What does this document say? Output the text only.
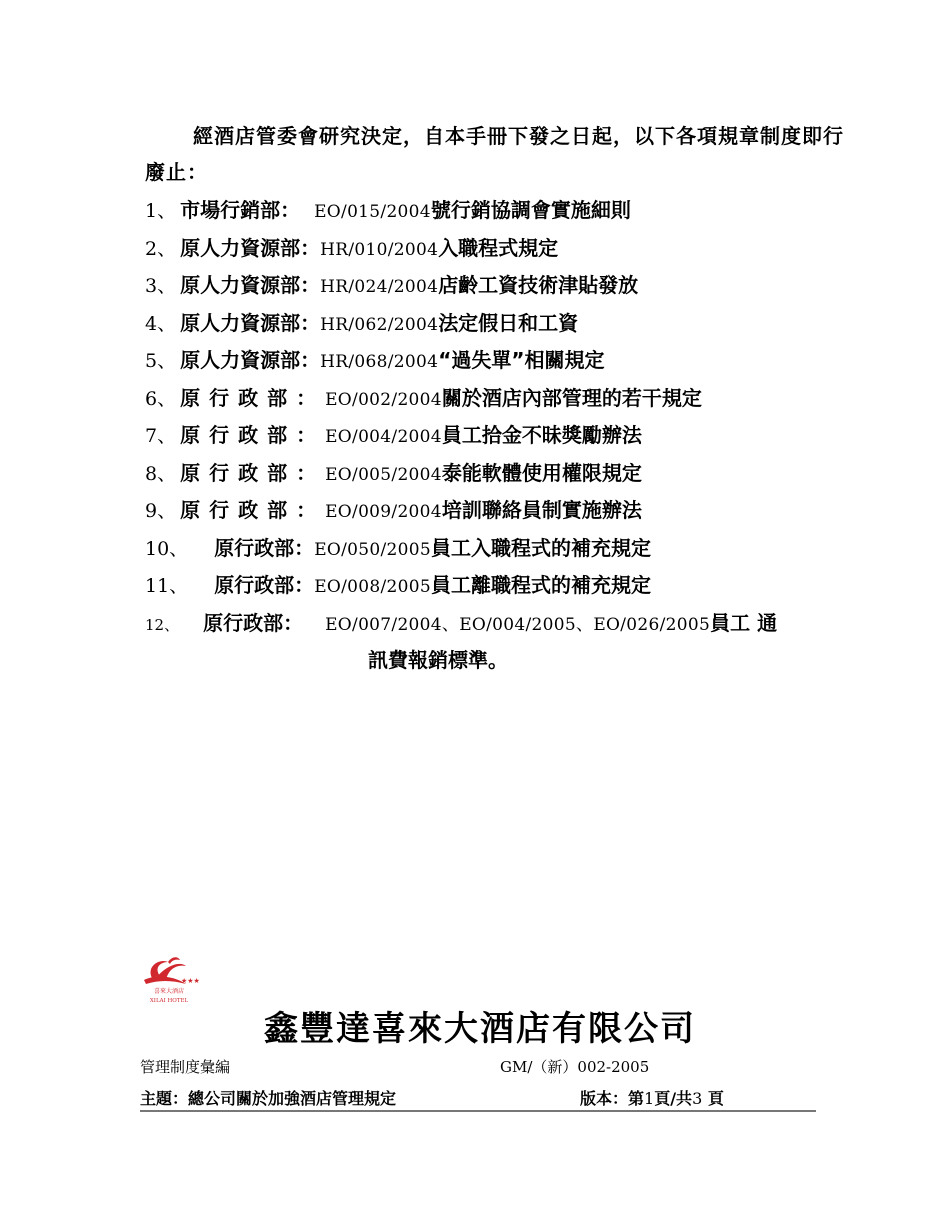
經酒店管委會研究決定，自本手冊下發之日起，以下各項規章制度即行廢止：
1、 市場行銷部： EO/015/2004 號行銷協調會實施細則
2、 原人力資源部： HR/010/2004 入職程式規定
3、 原人力資源部： HR/024/2004 店齡工資技術津貼發放
4、 原人力資源部： HR/062/2004 法定假日和工資
5、 原人力資源部： HR/068/2004 “過失單”相關規定
6、 原行政部： EO/002/2004 關於酒店內部管理的若干規定
7、 原行政部： EO/004/2004 員工拾金不昧獎勵辦法
8、 原行政部： EO/005/2004 泰能軟體使用權限規定
9、 原行政部： EO/009/2004 培訓聯絡員制實施辦法
10、 原行政部： EO/050/2005 員工入職程式的補充規定
11、 原行政部： EO/008/2005 員工離職程式的補充規定
12、 原行政部： EO/007/2004、EO/004/2005、EO/026/2005 員工 通
訊費報銷標準。
★★★
喜來大酒店
XILAI HOTEL
鑫豐達喜來大酒店有限公司
管理制度彙編	GM/（新）002-2005
主題：總公司關於加強酒店管理規定	版本：第1頁/共3 頁
